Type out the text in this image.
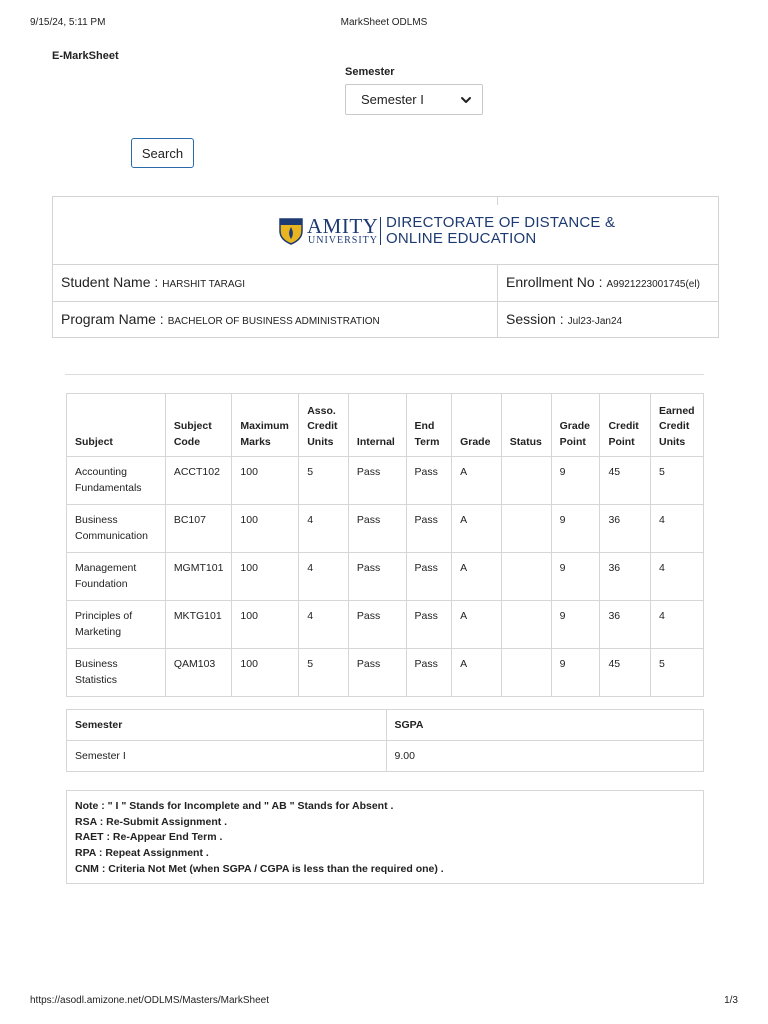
9/15/24, 5:11 PM	MarkSheet ODLMS
E-MarkSheet
Semester
Semester I
Search
AMITY
UNIVERSITY
DIRECTORATE OF DISTANCE &
ONLINE EDUCATION
Student Name : HARSHIT TARAGI	Enrollment No : A9921223001745(el)
Program Name : BACHELOR OF BUSINESS ADMINISTRATION	Session : Jul23-Jan24
Subject	Subject Code	Maximum Marks	Asso. Credit Units	Internal	End Term	Grade	Status	Grade Point	Credit Point	Earned Credit Units
Accounting Fundamentals	ACCT102	100	5	Pass	Pass	A		9	45	5
Business Communication	BC107	100	4	Pass	Pass	A		9	36	4
Management Foundation	MGMT101	100	4	Pass	Pass	A		9	36	4
Principles of Marketing	MKTG101	100	4	Pass	Pass	A		9	36	4
Business Statistics	QAM103	100	5	Pass	Pass	A		9	45	5
Semester	SGPA
Semester I	9.00
Note : " I " Stands for Incomplete and " AB " Stands for Absent .
RSA : Re-Submit Assignment .
RAET : Re-Appear End Term .
RPA : Repeat Assignment .
CNM : Criteria Not Met (when SGPA / CGPA is less than the required one) .
https://asodl.amizone.net/ODLMS/Masters/MarkSheet	1/3
